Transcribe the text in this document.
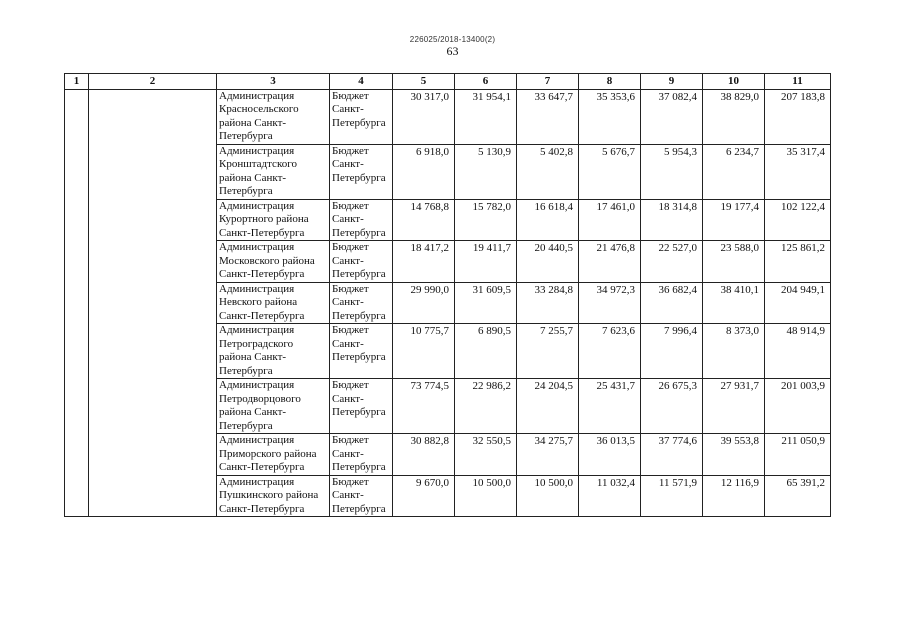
226025/2018-13400(2)
63
1	2	3	4	5	6	7	8	9	10	11
		Администрация Красносельского района Санкт-Петербурга	Бюджет Санкт-Петербурга	30 317,0	31 954,1	33 647,7	35 353,6	37 082,4	38 829,0	207 183,8
		Администрация Кронштадтского района Санкт-Петербурга	Бюджет Санкт-Петербурга	6 918,0	5 130,9	5 402,8	5 676,7	5 954,3	6 234,7	35 317,4
		Администрация Курортного района Санкт-Петербурга	Бюджет Санкт-Петербурга	14 768,8	15 782,0	16 618,4	17 461,0	18 314,8	19 177,4	102 122,4
		Администрация Московского района Санкт-Петербурга	Бюджет Санкт-Петербурга	18 417,2	19 411,7	20 440,5	21 476,8	22 527,0	23 588,0	125 861,2
		Администрация Невского района Санкт-Петербурга	Бюджет Санкт-Петербурга	29 990,0	31 609,5	33 284,8	34 972,3	36 682,4	38 410,1	204 949,1
		Администрация Петроградского района Санкт-Петербурга	Бюджет Санкт-Петербурга	10 775,7	6 890,5	7 255,7	7 623,6	7 996,4	8 373,0	48 914,9
		Администрация Петродворцового района Санкт-Петербурга	Бюджет Санкт-Петербурга	73 774,5	22 986,2	24 204,5	25 431,7	26 675,3	27 931,7	201 003,9
		Администрация Приморского района Санкт-Петербурга	Бюджет Санкт-Петербурга	30 882,8	32 550,5	34 275,7	36 013,5	37 774,6	39 553,8	211 050,9
		Администрация Пушкинского района Санкт-Петербурга	Бюджет Санкт-Петербурга	9 670,0	10 500,0	10 500,0	11 032,4	11 571,9	12 116,9	65 391,2
